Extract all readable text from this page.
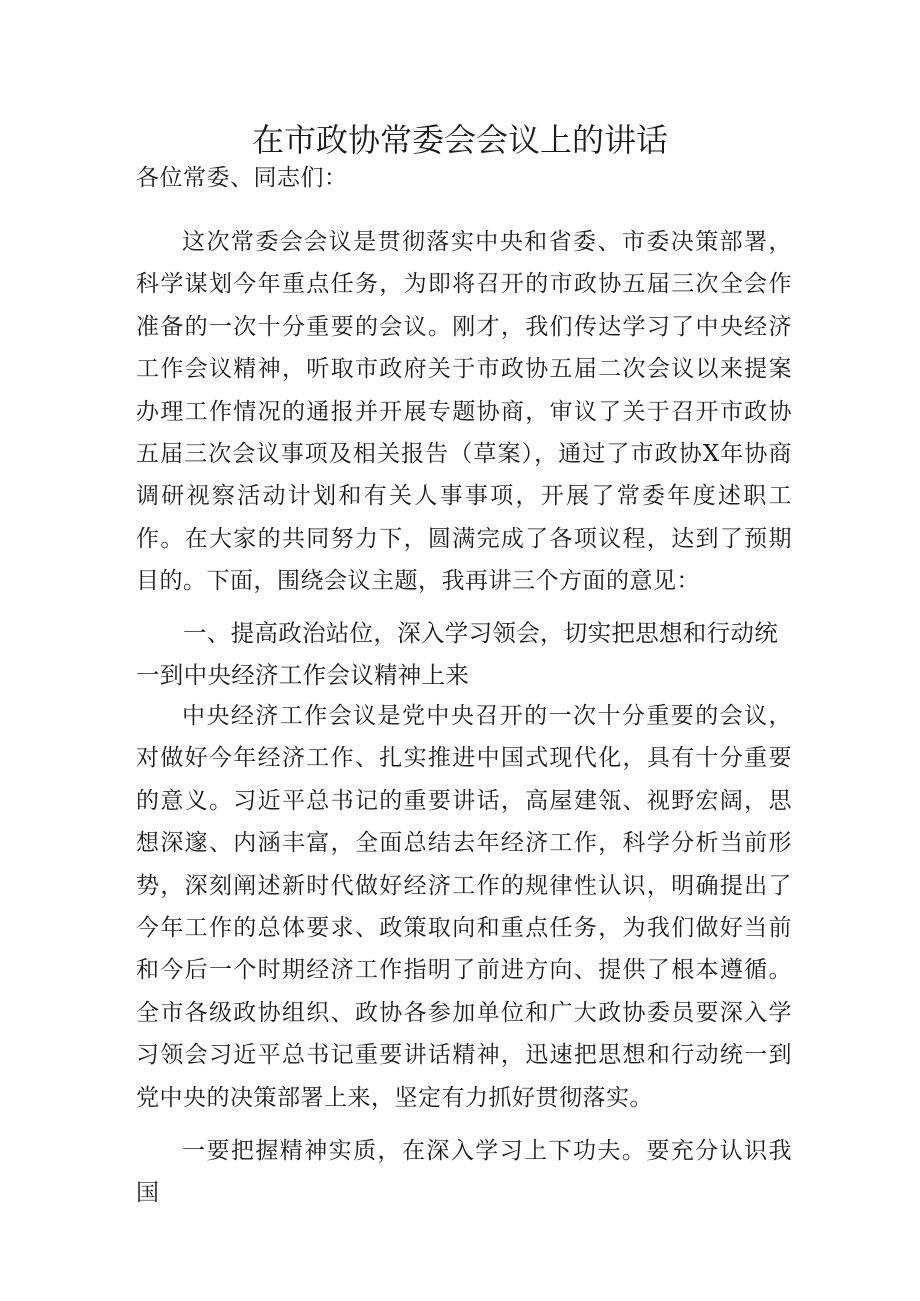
在市政协常委会会议上的讲话

各位常委、同志们：

这次常委会会议是贯彻落实中央和省委、市委决策部署，科学谋划今年重点任务，为即将召开的市政协五届三次全会作准备的一次十分重要的会议。刚才，我们传达学习了中央经济工作会议精神，听取市政府关于市政协五届二次会议以来提案办理工作情况的通报并开展专题协商，审议了关于召开市政协五届三次会议事项及相关报告（草案），通过了市政协X年协商调研视察活动计划和有关人事事项，开展了常委年度述职工作。在大家的共同努力下，圆满完成了各项议程，达到了预期目的。下面，围绕会议主题，我再讲三个方面的意见：

一、提高政治站位，深入学习领会，切实把思想和行动统一到中央经济工作会议精神上来

中央经济工作会议是党中央召开的一次十分重要的会议，对做好今年经济工作、扎实推进中国式现代化，具有十分重要的意义。习近平总书记的重要讲话，高屋建瓴、视野宏阔，思想深邃、内涵丰富，全面总结去年经济工作，科学分析当前形势，深刻阐述新时代做好经济工作的规律性认识，明确提出了今年工作的总体要求、政策取向和重点任务，为我们做好当前和今后一个时期经济工作指明了前进方向、提供了根本遵循。全市各级政协组织、政协各参加单位和广大政协委员要深入学习领会习近平总书记重要讲话精神，迅速把思想和行动统一到党中央的决策部署上来，坚定有力抓好贯彻落实。

一要把握精神实质，在深入学习上下功夫。要充分认识我国
